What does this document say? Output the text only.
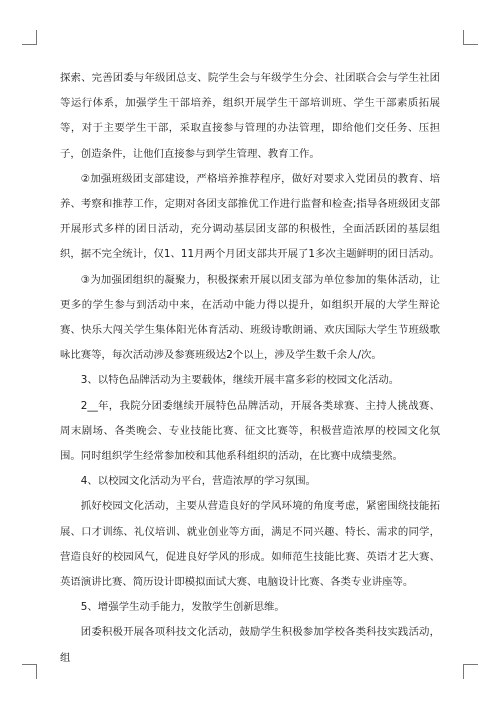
探索、完善团委与年级团总支、院学生会与年级学生分会、社团联合会与学生社团等运行体系，加强学生干部培养，组织开展学生干部培训班、学生干部素质拓展等，对于主要学生干部，采取直接参与管理的办法管理，即给他们交任务、压担子，创造条件，让他们直接参与到学生管理、教育工作。

②加强班级团支部建设，严格培养推荐程序，做好对要求入党团员的教育、培养、考察和推荐工作，定期对各团支部推优工作进行监督和检查;指导各班级团支部开展形式多样的团日活动，充分调动基层团支部的积极性，全面活跃团的基层组织，据不完全统计，仅1、11月两个月团支部共开展了1多次主题鲜明的团日活动。

③为加强团组织的凝聚力，积极探索开展以团支部为单位参加的集体活动，让更多的学生参与到活动中来，在活动中能力得以提升，如组织开展的大学生辩论赛、快乐大闯关学生集体阳光体育活动、班级诗歌朗诵、欢庆国际大学生节班级歌咏比赛等，每次活动涉及参赛班级达2个以上，涉及学生数千余人/次。

3、以特色品牌活动为主要载体，继续开展丰富多彩的校园文化活动。

2__年，我院分团委继续开展特色品牌活动，开展各类球赛、主持人挑战赛、周末剧场、各类晚会、专业技能比赛、征文比赛等，积极营造浓厚的校园文化氛围。同时组织学生经常参加校和其他系科组织的活动，在比赛中成绩斐然。

4、以校园文化活动为平台，营造浓厚的学习氛围。

抓好校园文化活动，主要从营造良好的学风环境的角度考虑，紧密围绕技能拓展、口才训练、礼仪培训、就业创业等方面，满足不同兴趣、特长、需求的同学，营造良好的校园风气，促进良好学风的形成。如师范生技能比赛、英语才艺大赛、英语演讲比赛、简历设计即模拟面试大赛、电脑设计比赛、各类专业讲座等。

5、增强学生动手能力，发散学生创新思维。

团委积极开展各项科技文化活动，鼓励学生积极参加学校各类科技实践活动，组
